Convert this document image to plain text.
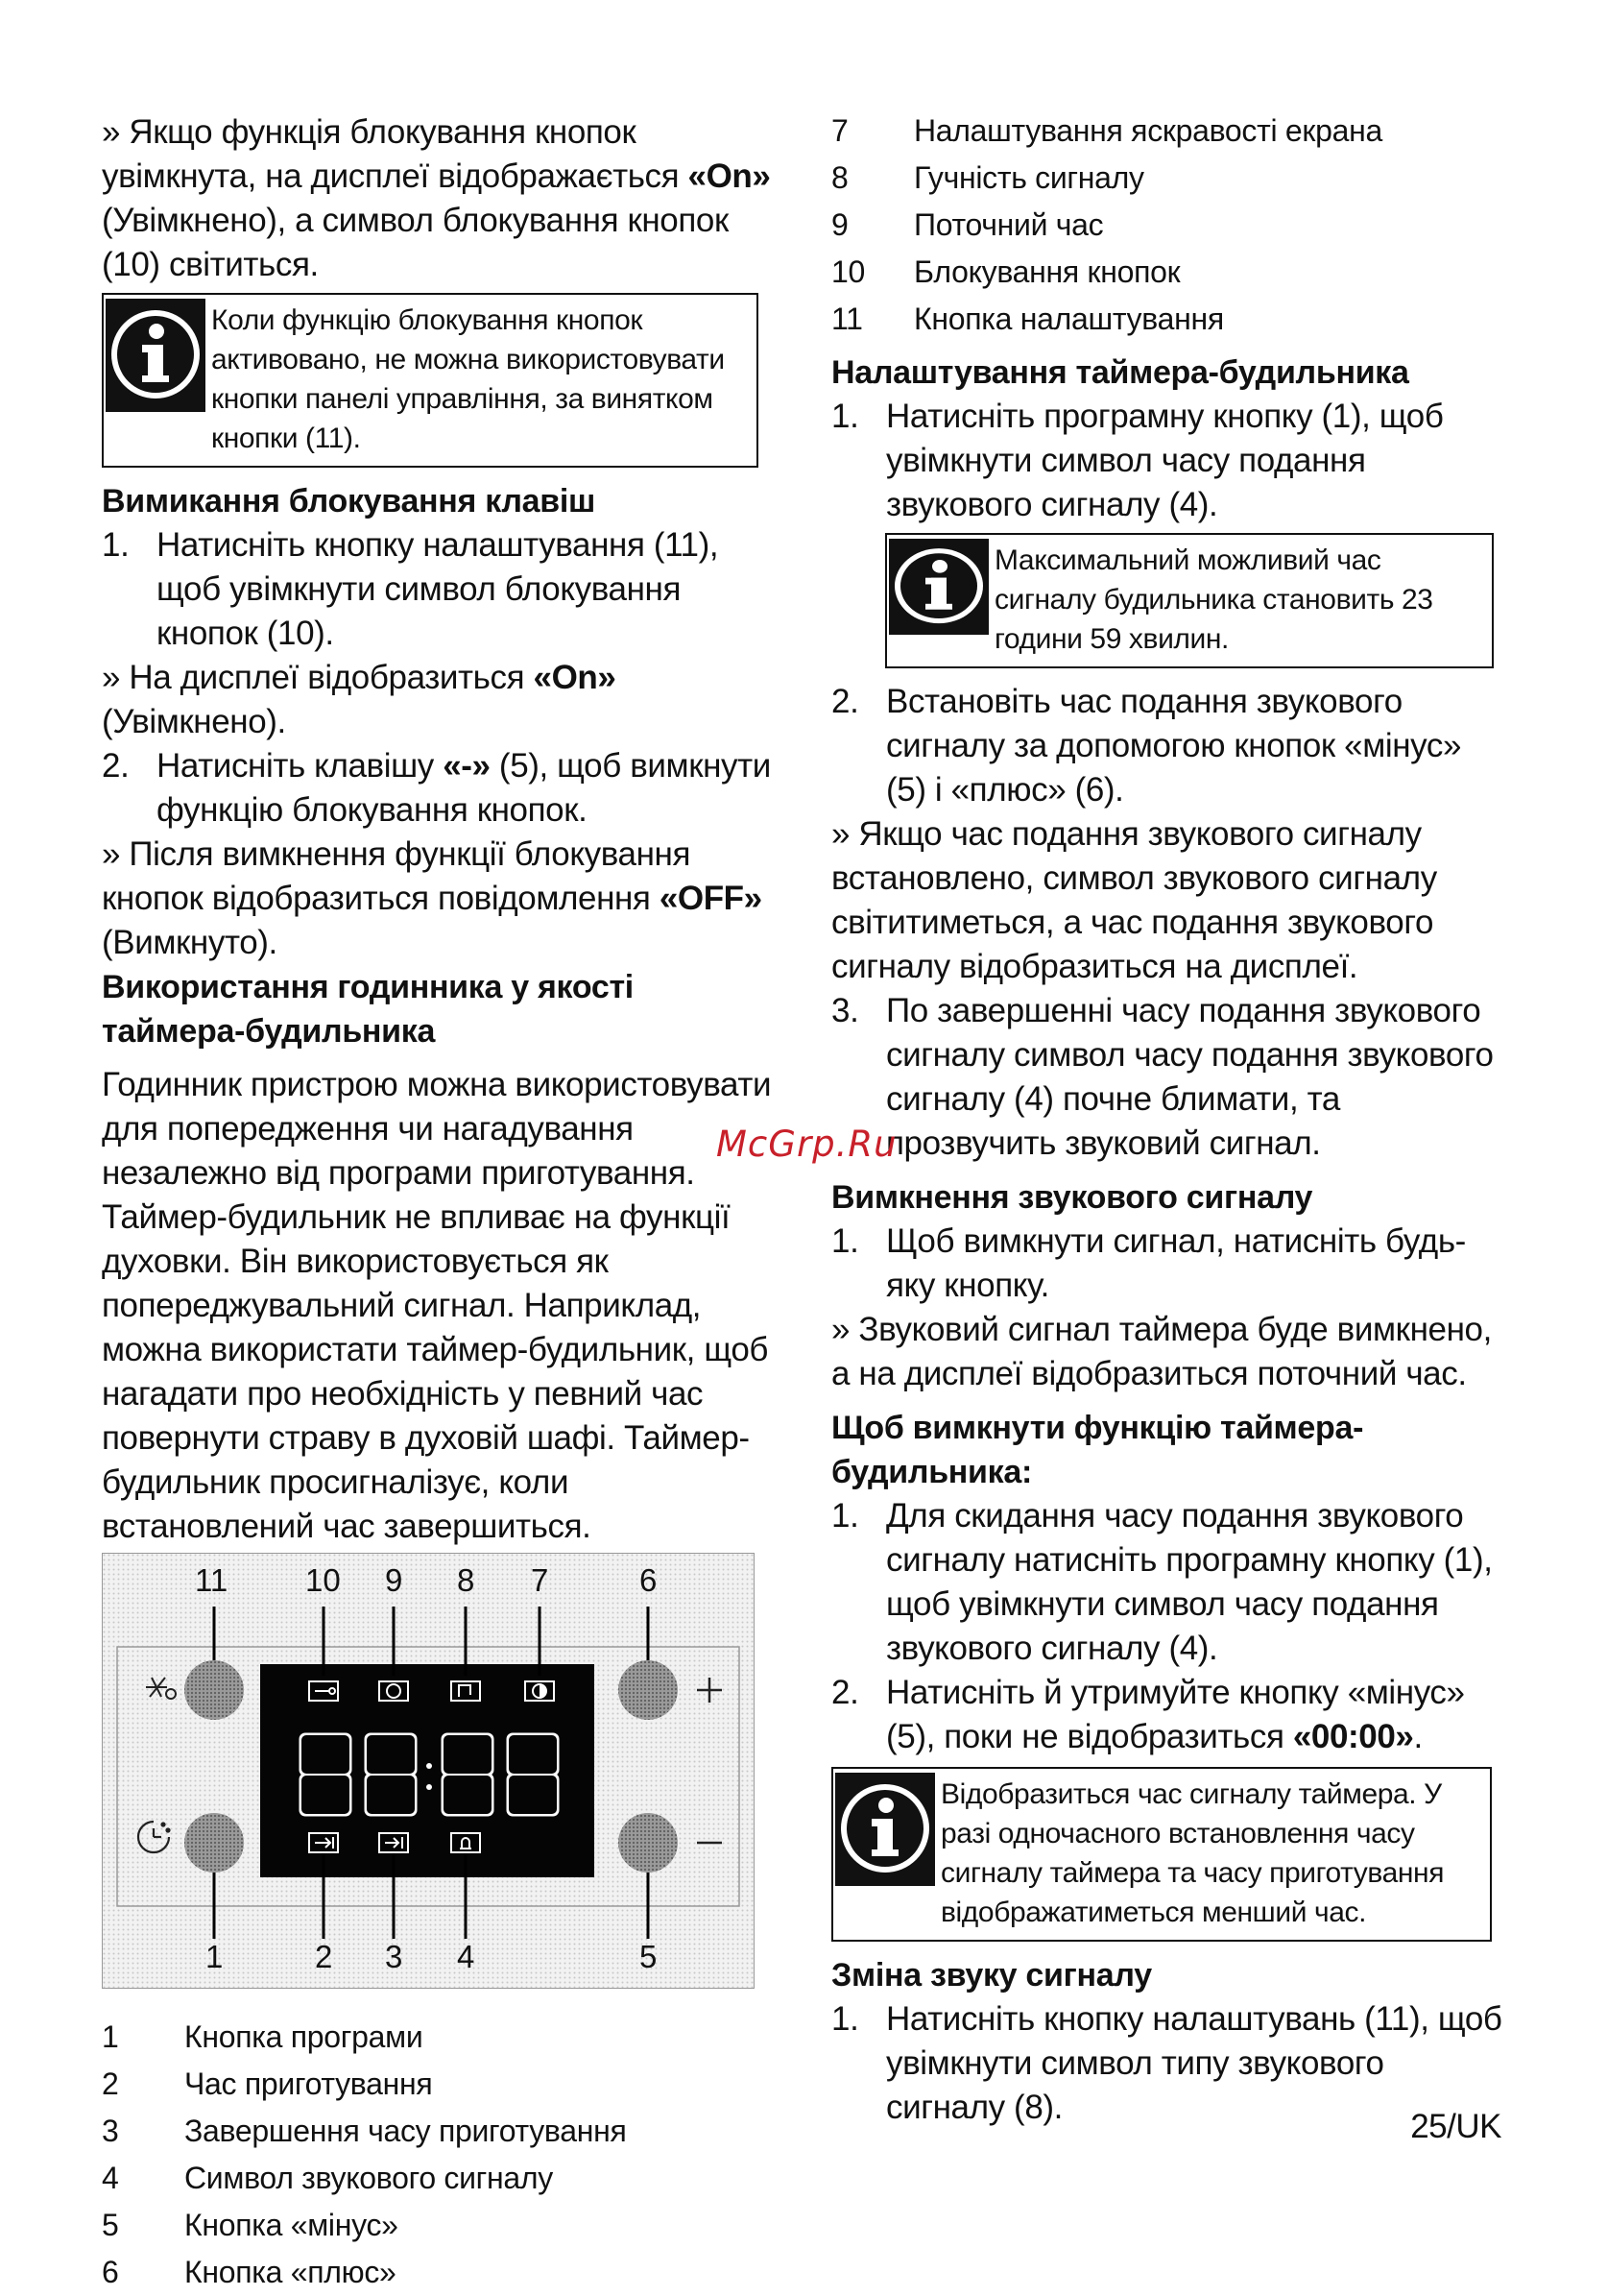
» Якщо функція блокування кнопок увімкнута, на дисплеї відображається «On» (Увімкнено), а символ блокування кнопок (10) світиться.

Коли функцію блокування кнопок активовано, не можна використовувати кнопки панелі управління, за винятком кнопки (11).

Вимикання блокування клавіш

1. Натисніть кнопку налаштування (11), щоб увімкнути символ блокування кнопок (10).

» На дисплеї відобразиться «On» (Увімкнено).

2. Натисніть клавішу «-» (5), щоб вимкнути функцію блокування кнопок.

» Після вимкнення функції блокування кнопок відобразиться повідомлення «OFF» (Вимкнуто).

Використання годинника у якості таймера-будильника

Годинник пристрою можна використовувати для попередження чи нагадування незалежно від програми приготування. Таймер-будильник не впливає на функції духовки. Він використовується як попереджувальний сигнал. Наприклад, можна використати таймер-будильник, щоб нагадати про необхідність у певний час повернути страву в духовій шафі. Таймер-будильник просигналізує, коли встановлений час завершиться.

11 10 9 8 7	6
1	2 3 4	5
1	Кнопка програми
2	Час приготування
3	Завершення часу приготування
4	Символ звукового сигналу
5	Кнопка «мінус»
6	Кнопка «плюс»
7	Налаштування яскравості екрана
8	Гучність сигналу
9	Поточний час
10	Блокування кнопок
11	Кнопка налаштування

Налаштування таймера-будильника

1. Натисніть програмну кнопку (1), щоб увімкнути символ часу подання звукового сигналу (4).
Максимальний можливий час сигналу будильника становить 23 години 59 хвилин.
2. Встановіть час подання звукового сигналу за допомогою кнопок «мінус» (5) і «плюс» (6).

» Якщо час подання звукового сигналу встановлено, символ звукового сигналу світитиметься, а час подання звукового сигналу відобразиться на дисплеї.

3. По завершенні часу подання звукового сигналу символ часу подання звукового сигналу (4) почне блимати, та прозвучить звуковий сигнал.

Вимкнення звукового сигналу

1. Щоб вимкнути сигнал, натисніть будь-яку кнопку.

» Звуковий сигнал таймера буде вимкнено, а на дисплеї відобразиться поточний час.

Щоб вимкнути функцію таймера-будильника:

1. Для скидання часу подання звукового сигналу натисніть програмну кнопку (1), щоб увімкнути символ часу подання звукового сигналу (4).
2. Натисніть й утримуйте кнопку «мінус» (5), поки не відобразиться «00:00».
Відобразиться час сигналу таймера. У разі одночасного встановлення часу сигналу таймера та часу приготування відображатиметься менший час.

Зміна звуку сигналу

1. Натисніть кнопку налаштувань (11), щоб увімкнути символ типу звукового сигналу (8).
McGrp.Ru
25/UK
